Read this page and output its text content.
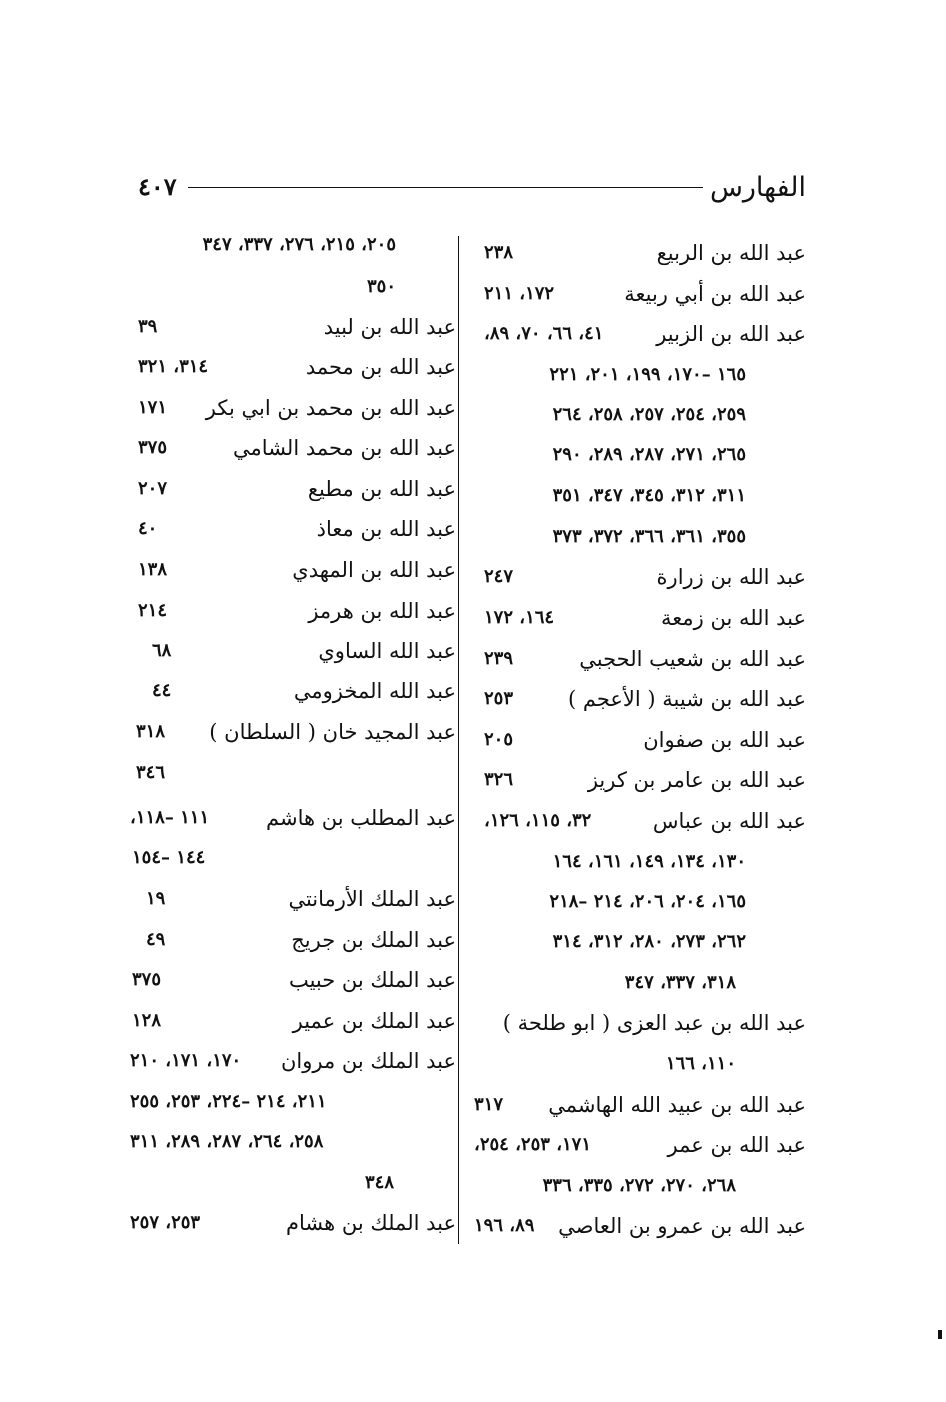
الفهارس
٤٠٧
عبد الله بن الربيع
٢٣٨
عبد الله بن أبي ربيعة
١٧٢، ٢١١
عبد الله بن الزبير
٤١، ٦٦، ٧٠، ٨٩،
١٦٥ –١٧٠، ١٩٩، ٢٠١، ٢٢١
٢٥٩، ٢٥٤، ٢٥٧، ٢٥٨، ٢٦٤
٢٦٥، ٢٧١، ٢٨٧، ٢٨٩، ٢٩٠
٣١١، ٣١٢، ٣٤٥، ٣٤٧، ٣٥١
٣٥٥، ٣٦١، ٣٦٦، ٣٧٢، ٣٧٣
عبد الله بن زرارة
٢٤٧
عبد الله بن زمعة
١٦٤، ١٧٢
عبد الله بن شعيب الحجبي
٢٣٩
عبد الله بن شيبة ( الأعجم )
٢٥٣
عبد الله بن صفوان
٢٠٥
عبد الله بن عامر بن كريز
٣٢٦
عبد الله بن عباس
٣٢، ١١٥، ١٢٦،
١٣٠، ١٣٤، ١٤٩، ١٦١، ١٦٤
١٦٥، ٢٠٤، ٢٠٦، ٢١٤ –٢١٨
٢٦٢، ٢٧٣، ٢٨٠، ٣١٢، ٣١٤
٣١٨، ٣٣٧، ٣٤٧
عبد الله بن عبد العزى ( ابو طلحة )
١١٠، ١٦٦
عبد الله بن عبيد الله الهاشمي
٣١٧
عبد الله بن عمر
١٧١، ٢٥٣، ٢٥٤،
٢٦٨، ٢٧٠، ٢٧٢، ٣٣٥، ٣٣٦
عبد الله بن عمرو بن العاصي
٨٩، ١٩٦
٢٠٥، ٢١٥، ٢٧٦، ٣٣٧، ٣٤٧
٣٥٠
عبد الله بن لبيد
٣٩
عبد الله بن محمد
٣١٤، ٣٢١
عبد الله بن محمد بن ابي بكر
١٧١
عبد الله بن محمد الشامي
٣٧٥
عبد الله بن مطيع
٢٠٧
عبد الله بن معاذ
٤٠
عبد الله بن المهدي
١٣٨
عبد الله بن هرمز
٢١٤
عبد الله الساوي
٦٨
عبد الله المخزومي
٤٤
عبد المجيد خان ( السلطان )
٣١٨
٣٤٦
عبد المطلب بن هاشم
١١١ –١١٨،
١٤٤ –١٥٤
عبد الملك الأرمانتي
١٩
عبد الملك بن جريج
٤٩
عبد الملك بن حبيب
٣٧٥
عبد الملك بن عمير
١٢٨
عبد الملك بن مروان
١٧٠، ١٧١، ٢١٠
٢١١، ٢١٤ –٢٢٤، ٢٥٣، ٢٥٥
٢٥٨، ٢٦٤، ٢٨٧، ٢٨٩، ٣١١
٣٤٨
عبد الملك بن هشام
٢٥٣، ٢٥٧
